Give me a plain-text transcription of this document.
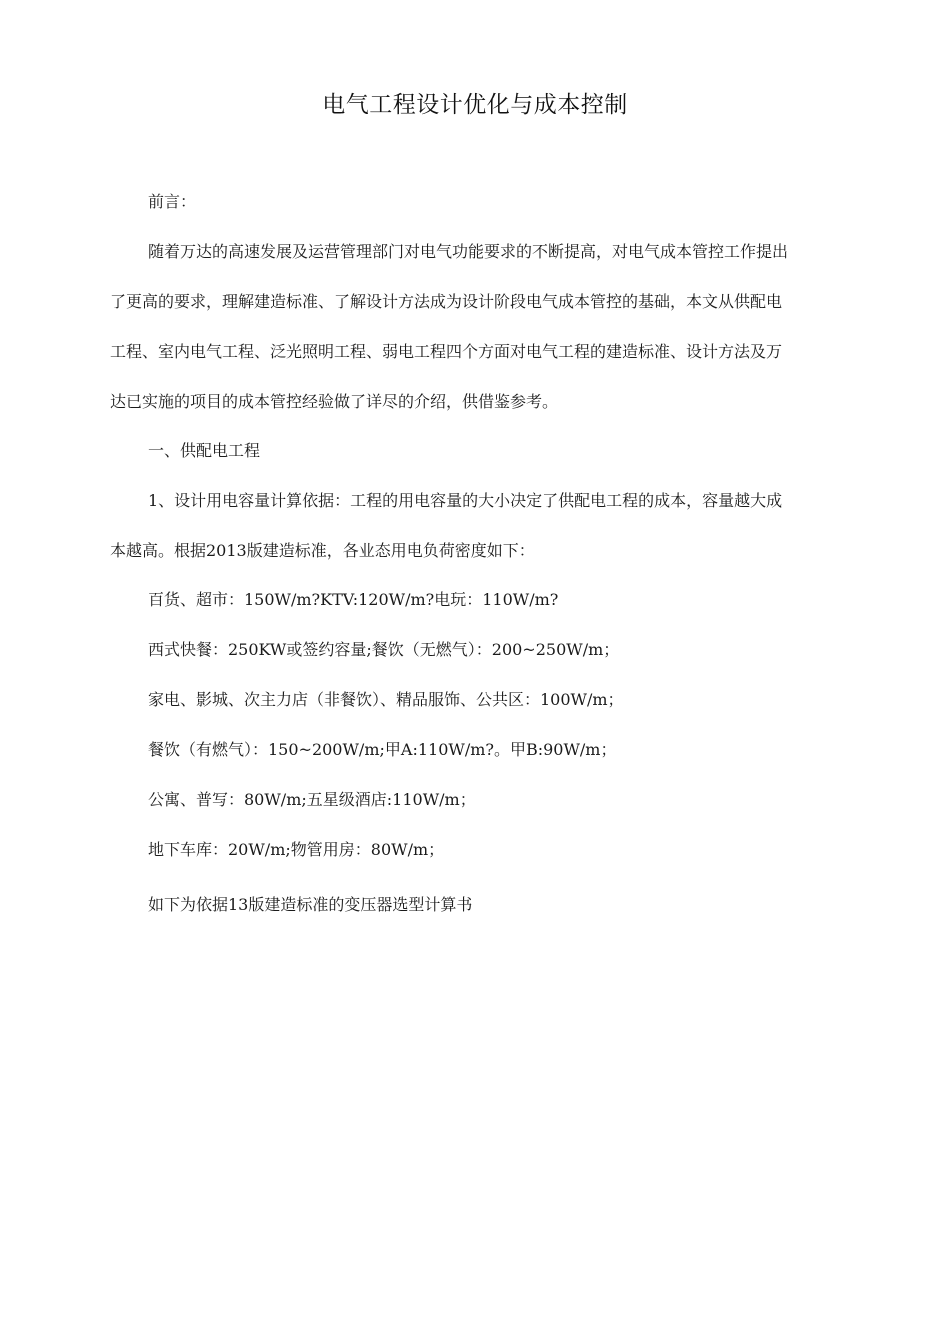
电气工程设计优化与成本控制
前言：
随着万达的高速发展及运营管理部门对电气功能要求的不断提高，对电气成本管控工作提出
了更高的要求，理解建造标准、了解设计方法成为设计阶段电气成本管控的基础，本文从供配电
工程、室内电气工程、泛光照明工程、弱电工程四个方面对电气工程的建造标准、设计方法及万
达已实施的项目的成本管控经验做了详尽的介绍，供借鉴参考。
一、供配电工程
1、设计用电容量计算依据：工程的用电容量的大小决定了供配电工程的成本，容量越大成
本越高。根据2013版建造标准，各业态用电负荷密度如下：
百货、超市：150W/m?KTV:120W/m?电玩：110W/m?
西式快餐：250KW或签约容量;餐饮（无燃气）：200~250W/m；
家电、影城、次主力店（非餐饮）、精品服饰、公共区：100W/m；
餐饮（有燃气）：150~200W/m;甲A:110W/m?。甲B:90W/m；
公寓、普写：80W/m;五星级酒店:110W/m；
地下车库：20W/m;物管用房：80W/m；
如下为依据13版建造标准的变压器选型计算书
